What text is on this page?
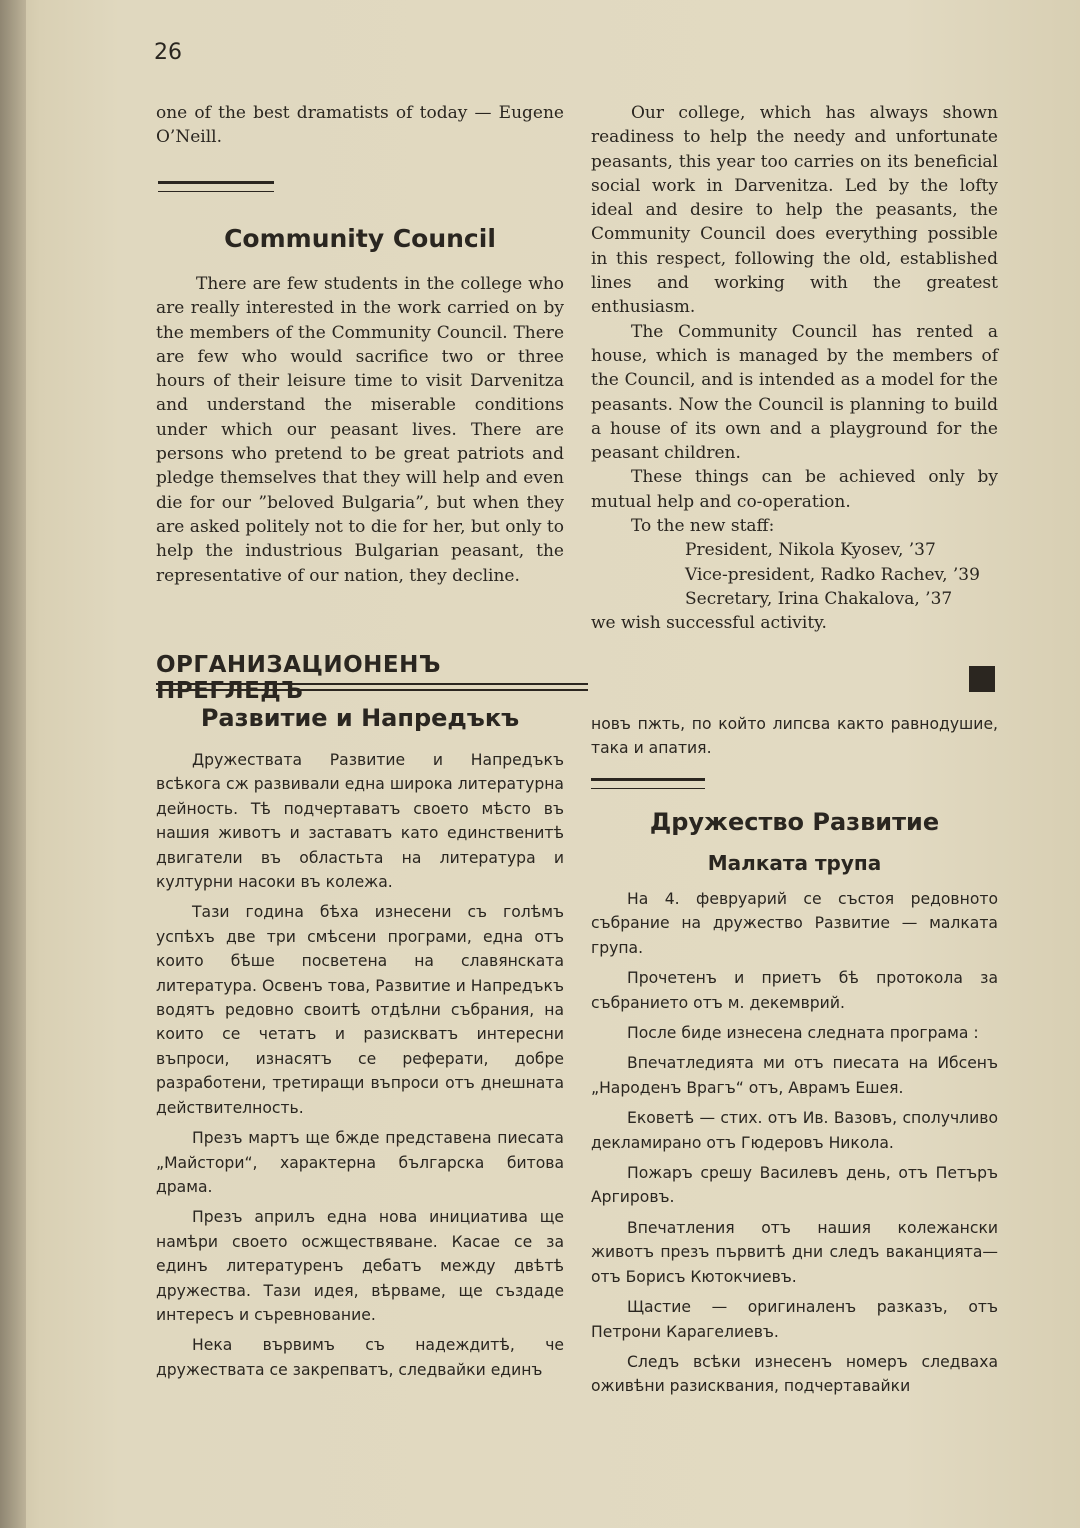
26

one of the best dramatists of today — Eugene O’Neill.

Community Council

There are few students in the college who are really interested in the work carried on by the members of the Community Council. There are few who would sacrifice two or three hours of their leisure time to visit Darvenitza and understand the miserable conditions under which our peasant lives. There are persons who pretend to be great patriots and pledge themselves that they will help and even die for our ”beloved Bulgaria”, but when they are asked politely not to die for her, but only to help the industrious Bulgarian peasant, the representative of our nation, they decline.

Our college, which has always shown readiness to help the needy and unfortunate peasants, this year too carries on its beneficial social work in Darvenitza. Led by the lofty ideal and desire to help the peasants, the Community Council does everything possible in this respect, following the old, established lines and working with the greatest enthusiasm.

The Community Council has rented a house, which is managed by the members of the Council, and is intended as a model for the peasants. Now the Council is planning to build a house of its own and a playground for the peasant children.

These things can be achieved only by mutual help and co-operation.

To the new staff:

President, Nikola Kyosev, ’37

Vice-president, Radko Rachev, ’39

Secretary, Irina Chakalova, ’37

we wish successful activity.

ОРГАНИЗАЦИОНЕНЪ ПРЕГЛЕДЪ
Развитие и Напредъкъ

Дружествата Развитие и Напредъкъ всѣкога сж развивали една широка литературна дейность. Тѣ подчертаватъ своето мѣсто въ нашия животъ и заставатъ като единственитѣ двигатели въ областьта на литература и културни насоки въ колежа.

Тази година бѣха изнесени съ голѣмъ успѣхъ две три смѣсени програми, една отъ които бѣше посветена на славянската литература. Освенъ това, Развитие и Напредъкъ водятъ редовно своитѣ отдѣлни събрания, на които се четатъ и разискватъ интересни въпроси, изнасятъ се реферати, добре разработени, третиращи въпроси отъ днешната действителность.

Презъ мартъ ще бжде представена пиесата „Майстори“, характерна българска битова драма.

Презъ априлъ една нова инициатива ще намѣри своето осжществяване. Касае се за единъ литературенъ дебатъ между двѣтѣ дружества. Тази идея, вѣрваме, ще създаде интересъ и съревнование.

Нека вървимъ съ надеждитѣ, че дружествата се закрепватъ, следвайки единъ

новъ пжть, по който липсва както равнодушие, така и апатия.

Дружество Развитие
Малката трупа

На 4. февруарий се състоя редовното събрание на дружество Развитие — малката група.

Прочетенъ и приетъ бѣ протокола за събранието отъ м. декемврий.

После биде изнесена следната програма :

Впечатледията ми отъ пиесата на Ибсенъ „Народенъ Врагъ“ отъ, Аврамъ Ешея.

Ековетѣ — стих. отъ Ив. Вазовъ, сполучливо декламирано отъ Гюдеровъ Никола.

Пожаръ срешу Василевъ день, отъ Петъръ Аргировъ.

Впечатления отъ нашия колежански животъ презъ първитѣ дни следъ ваканцията—отъ Борисъ Кютокчиевъ.

Щастие — оригиналенъ разказъ, отъ Петрони Карагелиевъ.

Следъ всѣки изнесенъ номеръ следваха оживѣни разисквания, подчертавайки
